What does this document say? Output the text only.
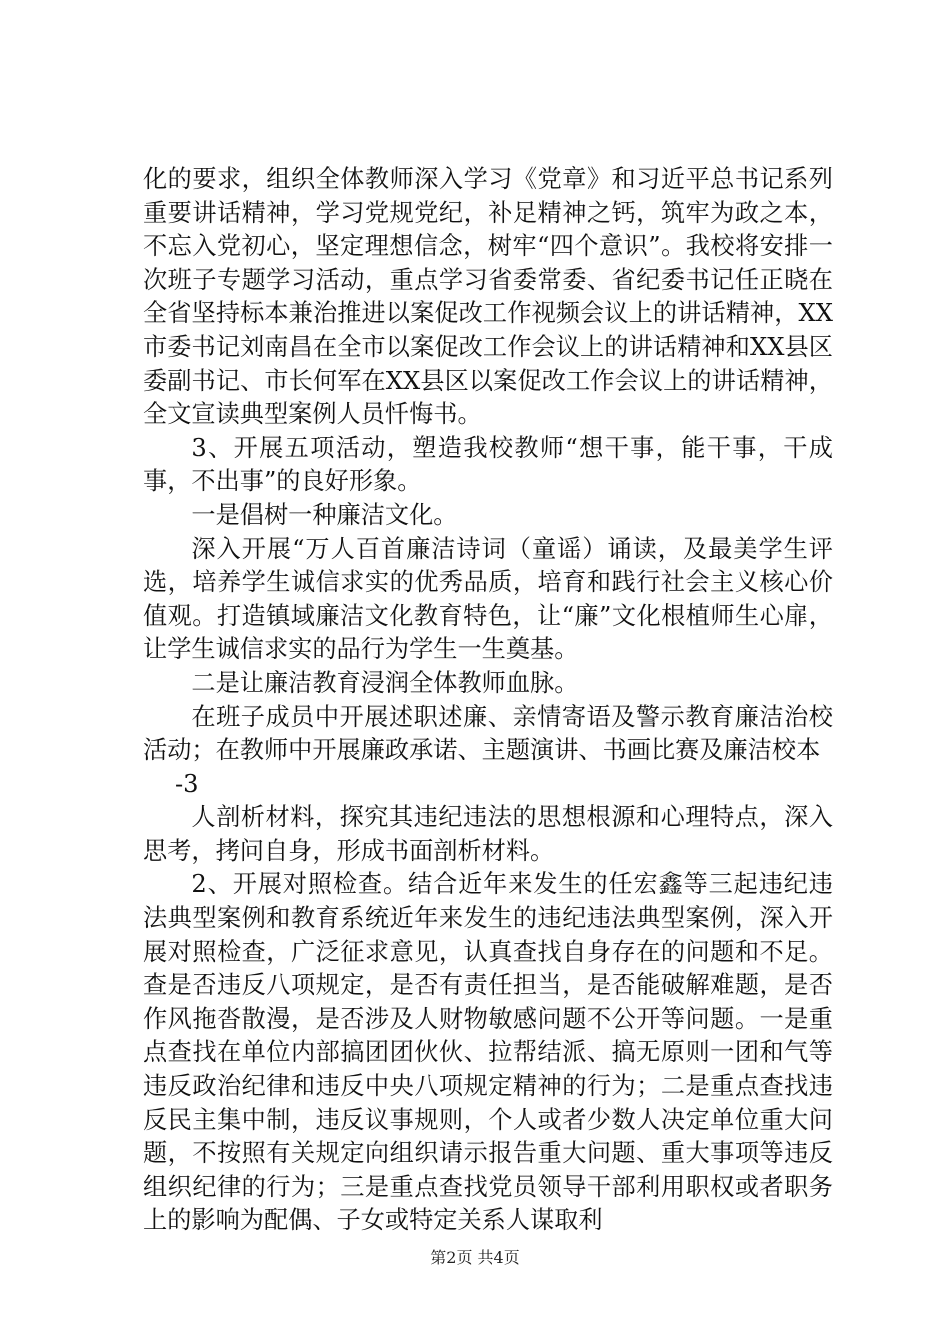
化的要求，组织全体教师深入学习《党章》和习近平总书记系列重要讲话精神，学习党规党纪，补足精神之钙，筑牢为政之本，不忘入党初心，坚定理想信念，树牢“四个意识”。我校将安排一次班子专题学习活动，重点学习省委常委、省纪委书记任正晓在全省坚持标本兼治推进以案促改工作视频会议上的讲话精神，XX市委书记刘南昌在全市以案促改工作会议上的讲话精神和XX县区委副书记、市长何军在XX县区以案促改工作会议上的讲话精神，全文宣读典型案例人员忏悔书。

3、开展五项活动，塑造我校教师“想干事，能干事，干成事，不出事”的良好形象。

一是倡树一种廉洁文化。

深入开展“万人百首廉洁诗词（童谣）诵读，及最美学生评选，培养学生诚信求实的优秀品质，培育和践行社会主义核心价值观。打造镇域廉洁文化教育特色，让“廉”文化根植师生心扉，让学生诚信求实的品行为学生一生奠基。

二是让廉洁教育浸润全体教师血脉。

在班子成员中开展述职述廉、亲情寄语及警示教育廉洁治校活动；在教师中开展廉政承诺、主题演讲、书画比赛及廉洁校本

-3

人剖析材料，探究其违纪违法的思想根源和心理特点，深入思考，拷问自身，形成书面剖析材料。

2、开展对照检查。结合近年来发生的任宏鑫等三起违纪违法典型案例和教育系统近年来发生的违纪违法典型案例，深入开展对照检查，广泛征求意见，认真查找自身存在的问题和不足。查是否违反八项规定，是否有责任担当，是否能破解难题，是否作风拖沓散漫，是否涉及人财物敏感问题不公开等问题。一是重点查找在单位内部搞团团伙伙、拉帮结派、搞无原则一团和气等违反政治纪律和违反中央八项规定精神的行为；二是重点查找违反民主集中制，违反议事规则，个人或者少数人决定单位重大问题，不按照有关规定向组织请示报告重大问题、重大事项等违反组织纪律的行为；三是重点查找党员领导干部利用职权或者职务上的影响为配偶、子女或特定关系人谋取利

第2页 共4页
